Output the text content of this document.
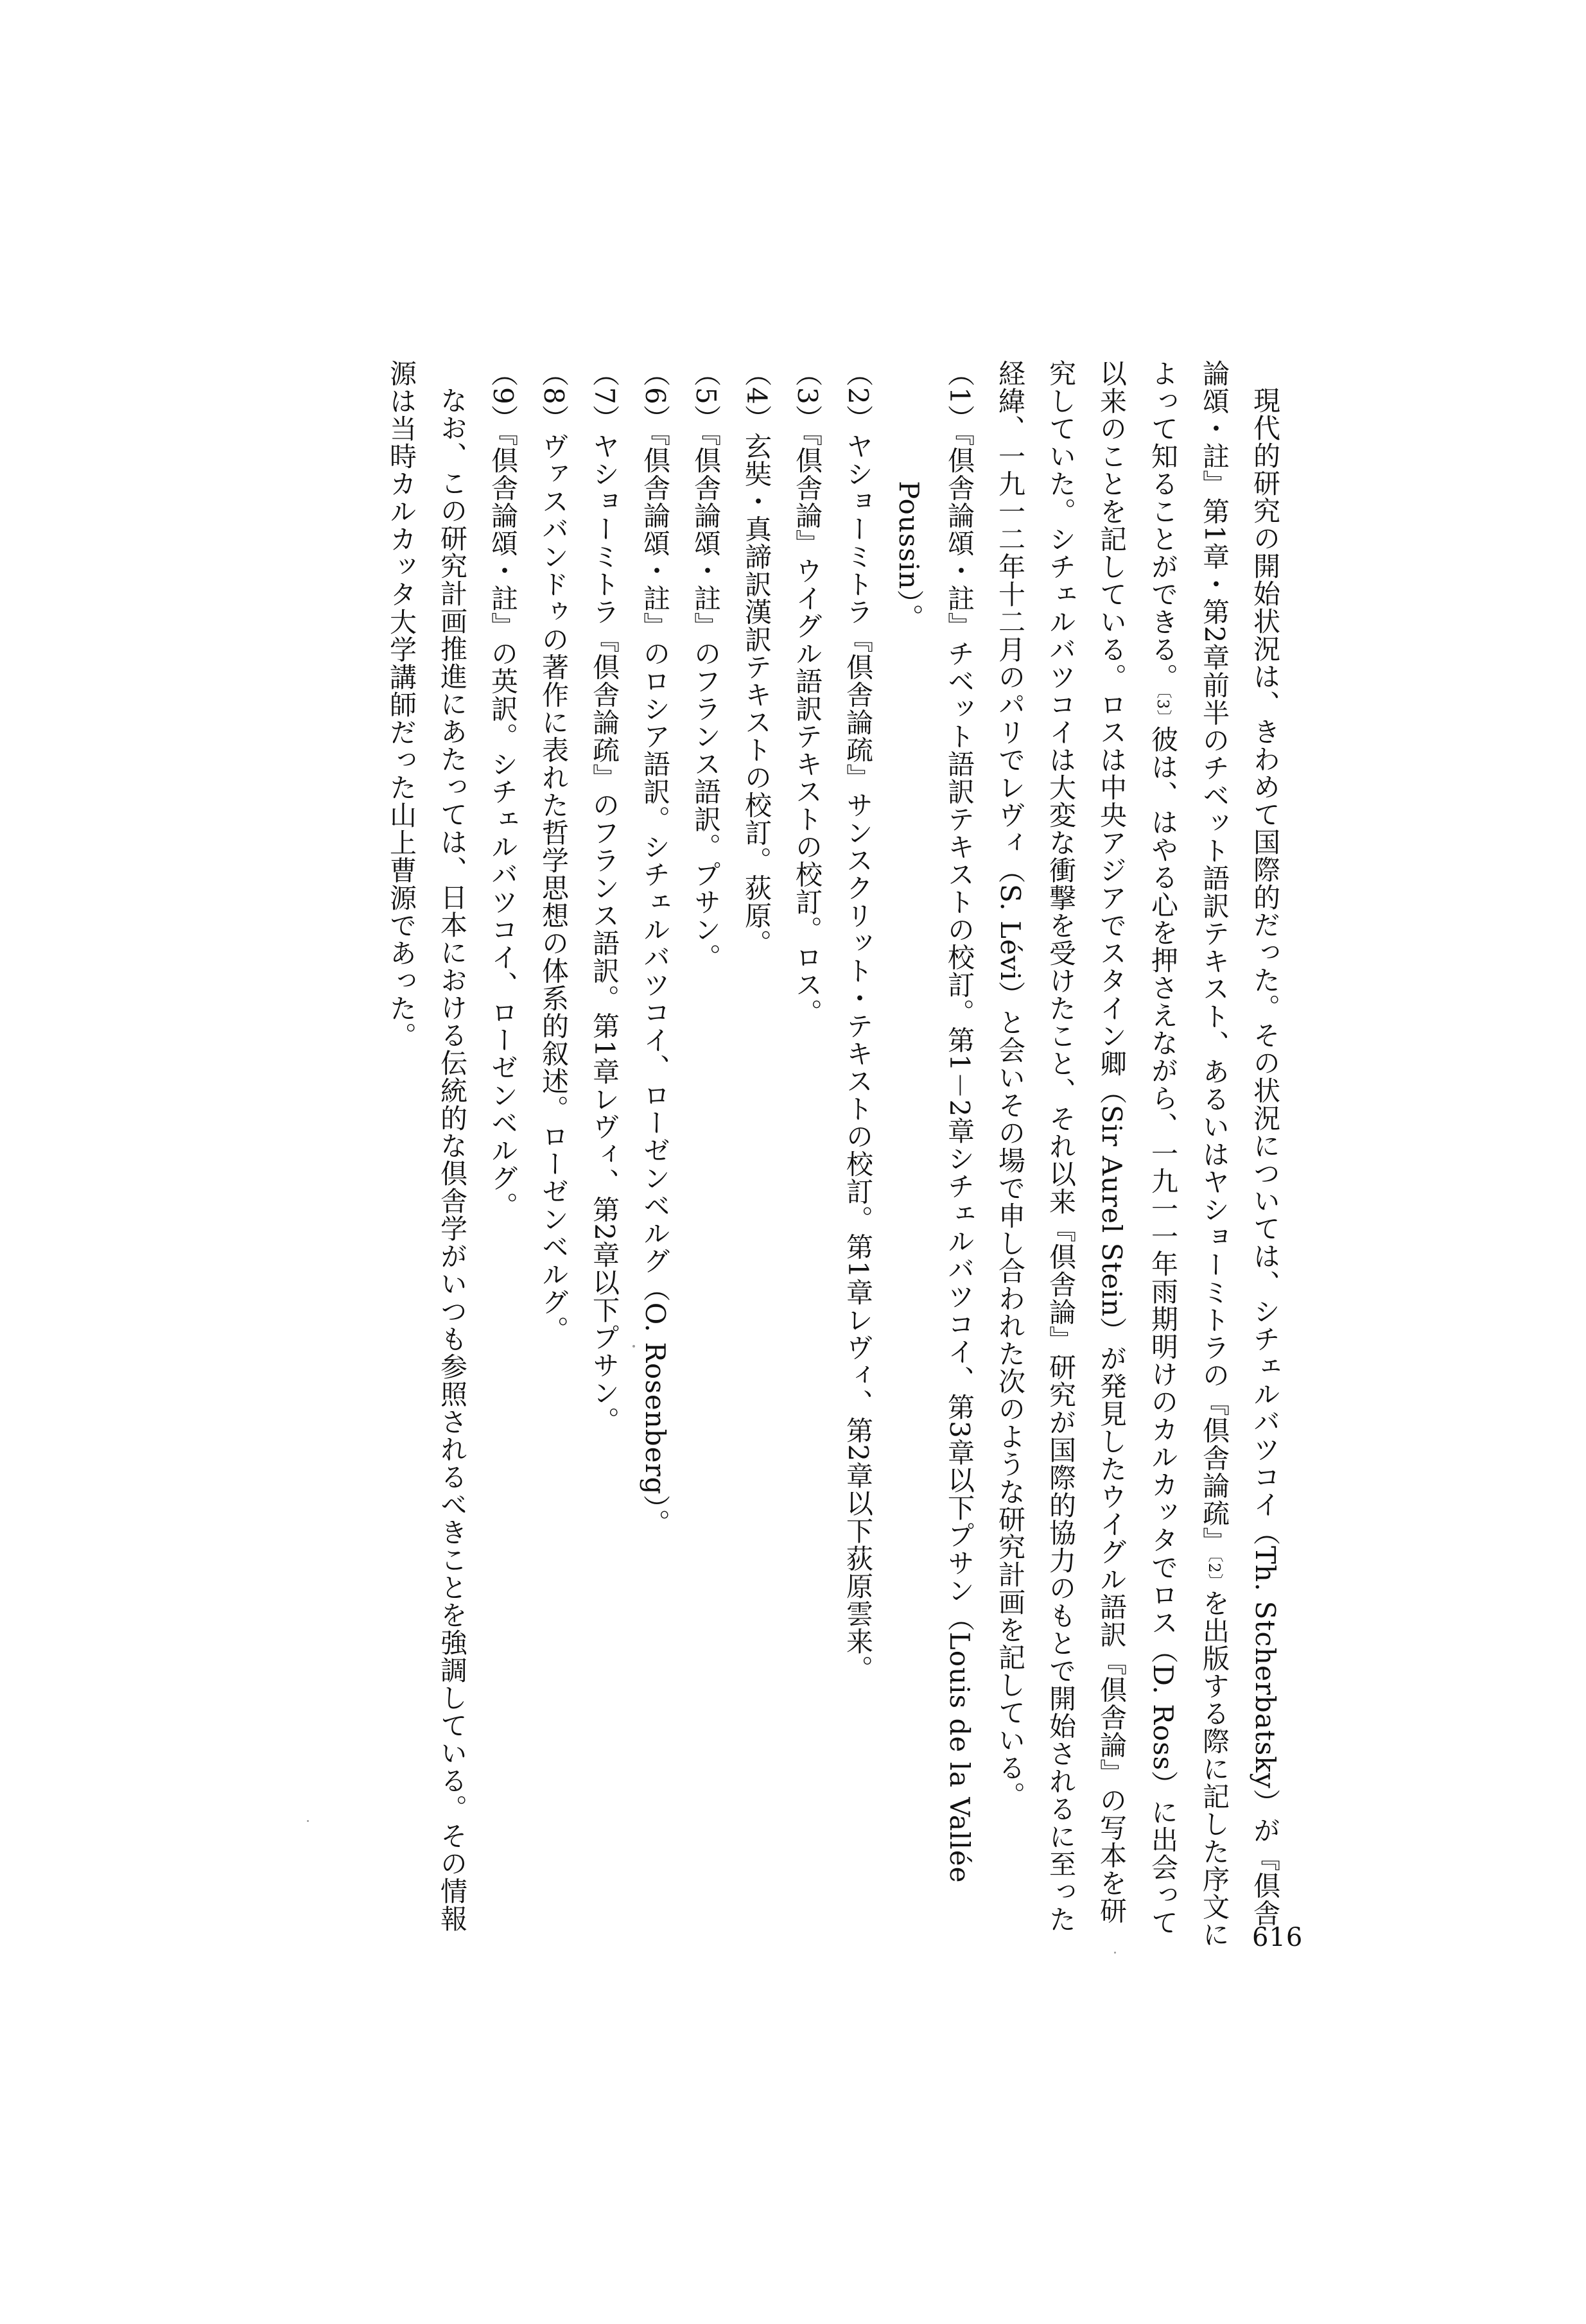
現代的研究の開始状況は、きわめて国際的だった。その状況については、シチェルバツコイ（Th. Stcherbatsky）が『倶舎論頌・註』第1章・第2章前半のチベット語訳テキスト、あるいはヤショーミトラの『倶舎論疏』〔2〕を出版する際に記した序文によって知ることができる。〔3〕彼は、はやる心を押さえながら、一九一一年雨期明けのカルカッタでロス（D. Ross）に出会って以来のことを記している。ロスは中央アジアでスタイン卿（Sir Aurel Stein）が発見したウイグル語訳『倶舎論』の写本を研究していた。シチェルバツコイは大変な衝撃を受けたこと、それ以来『倶舎論』研究が国際的協力のもとで開始されるに至った経緯、一九一二年十二月のパリでレヴィ（S. Lévi）と会いその場で申し合われた次のような研究計画を記している。

（1）『倶舎論頌・註』チベット語訳テキストの校訂。第1－2章シチェルバツコイ、第3章以下プサン（Louis de la Vallée Poussin）。

（2）ヤショーミトラ『倶舎論疏』サンスクリット・テキストの校訂。第1章レヴィ、第2章以下荻原雲来。

（3）『倶舎論』ウイグル語訳テキストの校訂。ロス。

（4）玄奘・真諦訳漢訳テキストの校訂。荻原。

（5）『倶舎論頌・註』のフランス語訳。プサン。

（6）『倶舎論頌・註』のロシア語訳。シチェルバツコイ、ローゼンベルグ（O. Rosenberg）。

（7）ヤショーミトラ『倶舎論疏』のフランス語訳。第1章レヴィ、第2章以下プサン。

（8）ヴァスバンドゥの著作に表れた哲学思想の体系的叙述。ローゼンベルグ。

（9）『倶舎論頌・註』の英訳。シチェルバツコイ、ローゼンベルグ。

なお、この研究計画推進にあたっては、日本における伝統的な倶舎学がいつも参照されるべきことを強調している。その情報源は当時カルカッタ大学講師だった山上曹源であった。

616
